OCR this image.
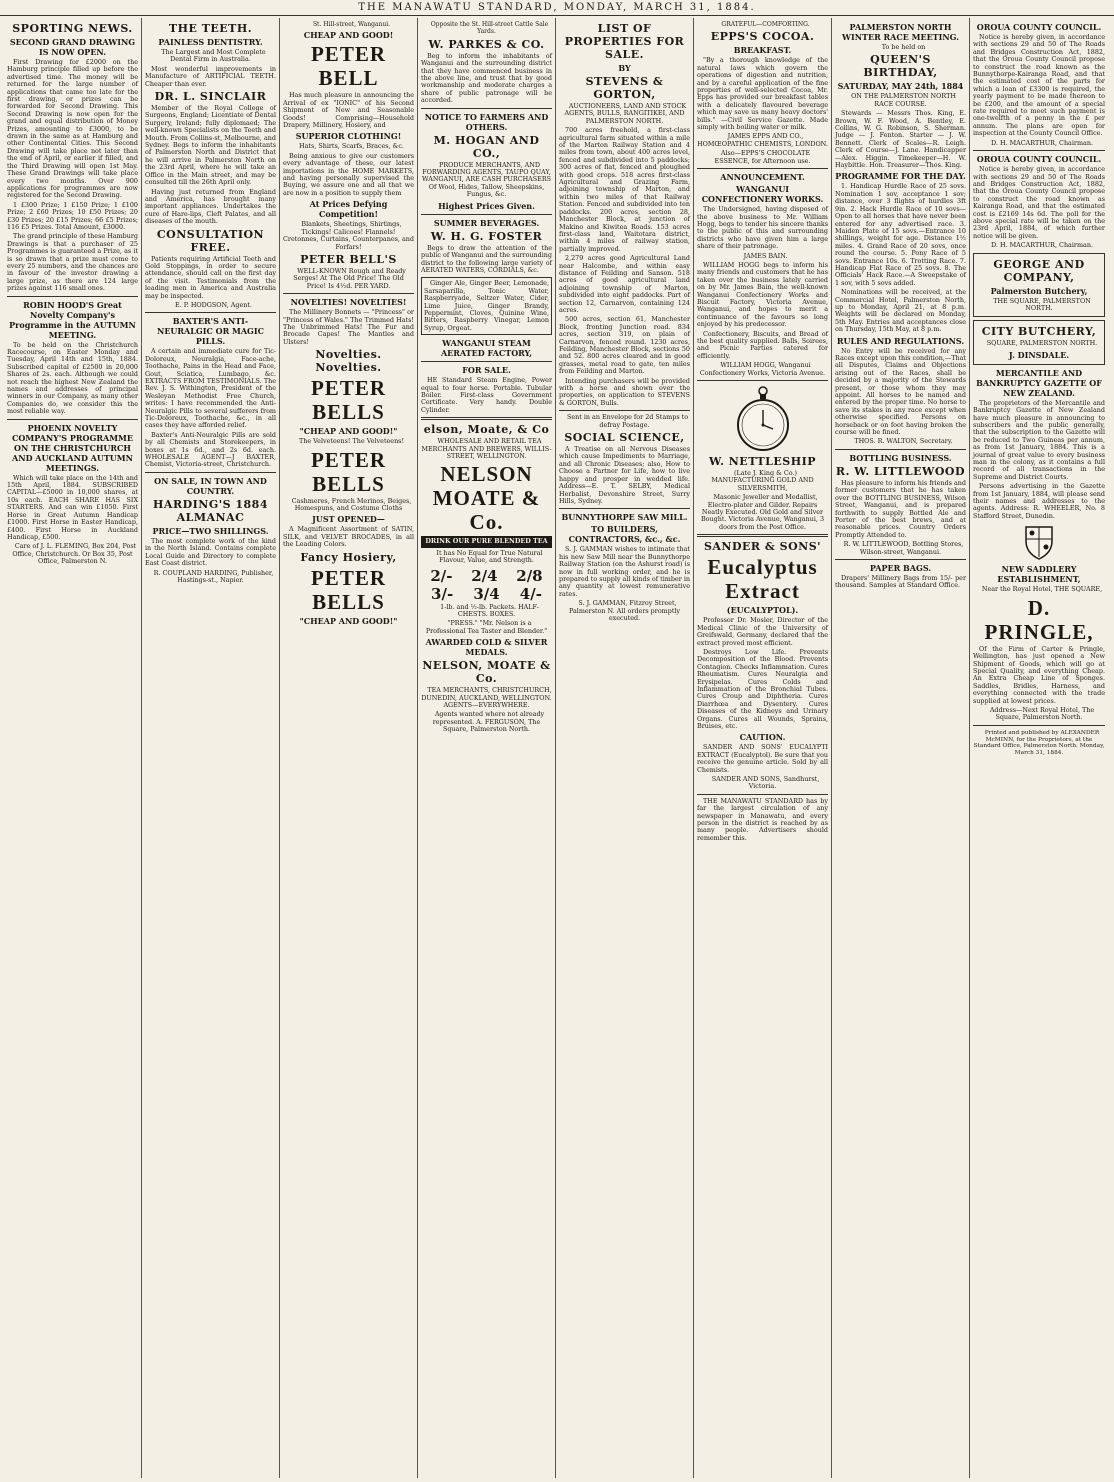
THE MANAWATU STANDARD, MONDAY, MARCH 31, 1884.
SPORTING NEWS.
SECOND GRAND DRAWING IS NOW OPEN.

First Drawing for £2000 on the Hamburg principle filled up before the advertised time. The money will be returned for the large number of applications that came too late for the first drawing, or prizes can be forwarded for Second Drawing. This Second Drawing is now open for the grand and equal distribution of Money Prizes, amounting to £3000, to be drawn in the same as at Hamburg and other Continental Cities. This Second Drawing will take place not later than the end of April, or earlier if filled, and the Third Drawing will open 1st May. These Grand Drawings will take place every two months. Over 900 applications for programmes are now registered for the Second Drawing.

1 £300 Prize; 1 £150 Prize; 1 £100 Prize; 2 £60 Prizes; 10 £50 Prizes; 20 £30 Prizes; 20 £15 Prizes; 66 £5 Prizes; 116 £5 Prizes. Total Amount, £3000.

The grand principle of these Hamburg Drawings is that a purchaser of 25 Programmes is guaranteed a Prize, as it is so drawn that a prize must come to every 25 numbers, and the chances are in favour of the investor drawing a large prize, as there are 124 large prizes against 116 small ones.

ROBIN HOOD'S Great Novelty Company's Programme in the AUTUMN MEETING.

To be held on the Christchurch Racecourse, on Easter Monday and Tuesday, April 14th and 15th, 1884. Subscribed capital of £2500 in 20,000 Shares of 2s. each. Although we could not reach the highest New Zealand the names and addresses of principal winners in our Company, as many other Companies do, we consider this the most reliable way.

PHOENIX NOVELTY COMPANY'S PROGRAMME ON THE CHRISTCHURCH AND AUCKLAND AUTUMN MEETINGS.

Which will take place on the 14th and 15th April, 1884. SUBSCRIBED CAPITAL—£5000 in 10,000 shares, at 10s each. EACH SHARE HAS SIX STARTERS. And can win £1050. First Horse in Great Autumn Handicap £1000. First Horse in Easter Handicap, £400. First Horse in Auckland Handicap, £500.

Care of J. L. FLEMING, Box 204, Post Office, Christchurch. Or Box 35, Post Office, Palmerston N.

THE TEETH.
PAINLESS DENTISTRY.

The Largest and Most Complete Dental Firm in Australia.

Most wonderful improvements in Manufacture of ARTIFICIAL TEETH. Cheaper than ever.

DR. L. SINCLAIR

Member of the Royal College of Surgeons, England; Licentiate of Dental Surgery, Ireland; fully diplomaed; The well-known Specialists on the Teeth and Mouth. From Collins-st, Melbourne, and Sydney. Begs to inform the inhabitants of Palmerston North and District that he will arrive in Palmerston North on the 23rd April, where he will take an Office in the Main street, and may be consulted till the 26th April only.

Having just returned from England and America, has brought many important appliances. Undertakes the cure of Hare-lips, Cleft Palates, and all diseases of the mouth.

CONSULTATION FREE.

Patients requiring Artificial Teeth and Gold Stoppings, in order to secure attendance, should call on the first day of the visit. Testimonials from the leading men in America and Australia may be inspected.

E. P. HODGSON, Agent.

BAXTER'S ANTI-NEURALGIC OR MAGIC PILLS.

A certain and immediate cure for Tic-Doloreux, Neuralgia, Face-ache, Toothache, Pains in the Head and Face, Gout, Sciatica, Lumbago, &c. EXTRACTS FROM TESTIMONIALS. The Rev. J. S. Withington, President of the Wesleyan Methodist Free Church, writes: I have recommended the Anti-Neuralgic Pills to several sufferers from Tic-Doloreux, Toothache, &c., in all cases they have afforded relief.

Baxter's Anti-Neuralgic Pills are sold by all Chemists and Storekeepers, in boxes at 1s 6d., and 2s 6d. each. WHOLESALE AGENT—J BAXTER, Chemist, Victoria-street, Christchurch.

ON SALE, IN TOWN AND COUNTRY.
HARDING'S 1884 ALMANAC
PRICE—TWO SHILLINGS.

The most complete work of the kind in the North Island. Contains complete Local Guide and Directory to complete East Coast district.

R. COUPLAND HARDING, Publisher, Hastings-st., Napier.

St. Hill-street, Wanganui.

CHEAP AND GOOD!
PETER BELL

Has much pleasure in announcing the Arrival of ex "IONIC" of his Second Shipment of New and Seasonable Goods! Comprising—Household Drapery, Millinery, Hosiery, and

SUPERIOR CLOTHING!

Hats, Shirts, Scarfs, Braces, &c.

Being anxious to give our customers every advantage of these, our latest importations in the HOME MARKETS, and having personally supervised the Buying, we assure one and all that we are now in a position to supply them

At Prices Defying Competition!

Blankets, Sheetings, Shirtings, Tickings! Calicoes! Flannels! Cretonnes, Curtains, Counterpanes, and Forfars!

PETER BELL'S

WELL-KNOWN Rough and Ready Serges! At The Old Price! The Old Price! Is 4½d. PER YARD.

NOVELTIES! NOVELTIES!

The Millinery Bonnets — "Princess" or "Princess of Wales." The Trimmed Hats! The Unbrimmed Hats! The Fur and Brocade Capes! The Mantles and Ulsters!

Novelties. Novelties.
PETER BELLS
"CHEAP AND GOOD!"

The Velveteens! The Velveteens!

PETER BELLS

Cashmeres, French Merinos, Beiges, Homespuns, and Costume Cloths

JUST OPENED—

A Magnificent Assortment of SATIN, SILK, and VELVET BROCADES, in all the Leading Colors.

Fancy Hosiery,
PETER BELLS
"CHEAP AND GOOD!"

Opposite the St. Hill-street Cattle Sale Yards.

W. PARKES & CO.

Beg to inform the inhabitants of Wanganui and the surrounding district that they have commenced business in the above line, and trust that by good workmanship and moderate charges a share of public patronage will be accorded.

NOTICE TO FARMERS AND OTHERS.
M. HOGAN AND CO.,

PRODUCE MERCHANTS, AND FORWARDING AGENTS, TAUPO QUAY, WANGANUI, ARE CASH PURCHASERS Of Wool, Hides, Tallow, Sheepskins, Fungus, &c.

Highest Prices Given.
SUMMER BEVERAGES.
W. H. G. FOSTER

Begs to draw the attention of the public of Wanganui and the surrounding district to the following large variety of AERATED WATERS, CORDIALS, &c.

Ginger Ale, Ginger Beer, Lemonade, Sarsaparilla, Tonic Water, Raspberryade, Seltzer Water, Cider, Lime Juice, Ginger Brandy, Peppermint, Cloves, Quinine Wine, Bitters, Raspberry Vinegar, Lemon Syrup, Orgeat.

WANGANUI STEAM AERATED FACTORY,
FOR SALE.

HE Standard Steam Engine, Power equal to four horse. Portable. Tubular Boiler. First-class Government Certificate. Very handy. Double Cylinder.

elson, Moate, & Co

WHOLESALE AND RETAIL TEA MERCHANTS AND BREWERS, WILLIS-STREET, WELLINGTON.

NELSON MOATE & Co.
DRINK OUR PURE BLENDED TEA

It has No Equal for True Natural Flavour, Value, and Strength.

2/- 2/4 2/8
3/- 3/4 4/-

1-lb. and ½-lb. Packets. HALF-CHESTS. BOXES.

"PRESS." "Mr. Nelson is a Professional Tea Taster and Blender."

AWARDED COLD & SILVER MEDALS.
NELSON, MOATE & Co.

TEA MERCHANTS, CHRISTCHURCH, DUNEDIN, AUCKLAND, WELLINGTON. AGENTS—EVERYWHERE.

Agents wanted where not already represented. A. FERGUSON, The Square, Palmerston North.

LIST OF PROPERTIES FOR SALE.
BY
STEVENS & GORTON,

AUCTIONEERS, LAND AND STOCK AGENTS, BULLS, RANGITIKEI, AND PALMERSTON NORTH.

700 acres freehold, a first-class agricultural farm situated within a mile of the Marton Railway Station and 4 miles from town, about 400 acres level, fenced and subdivided into 5 paddocks; 300 acres of flat, fenced and ploughed with good crops. 518 acres first-class Agricultural and Grazing Farm, adjoining township of Marton, and within two miles of that Railway Station. Fenced and subdivided into ten paddocks. 200 acres, section 28, Manchester Block, at junction of Makino and Kiwitea Roads. 153 acres first-class land, Waitotara district, within 4 miles of railway station, partially improved.

2,279 acres good Agricultural Land near Halcombe, and within easy distance of Feilding and Sanson. 518 acres of good agricultural land adjoining township of Marton, subdivided into eight paddocks. Part of section 12, Carnarvon, containing 124 acres.

500 acres, section 61, Manchester Block, fronting Junction road. 834 acres, section 319, on plain of Carnarvon, fenced round. 1230 acres, Feilding, Manchester Block, sections 50 and 52. 800 acres cleared and in good grasses, metal road to gate, ten miles from Feilding and Marton.

Intending purchasers will be provided with a horse and shown over the properties, on application to STEVENS & GORTON, Bulls.

Sent in an Envelope for 2d Stamps to defray Postage.

SOCIAL SCIENCE,

A Treatise on all Nervous Diseases which cause Impediments to Marriage, and all Chronic Diseases; also, How to Choose a Partner for Life, how to live happy and prosper in wedded life. Address—E. T. SELBY, Medical Herbalist, Devonshire Street, Surry Hills, Sydney.

BUNNYTHORPE SAW MILL.
TO BUILDERS, CONTRACTORS, &c., &c.

S. J. GAMMAN wishes to intimate that his new Saw Mill near the Bunnythorpe Railway Station (on the Ashurst road) is now in full working order, and he is prepared to supply all kinds of timber in any quantity at lowest remunerative rates.

S. J. GAMMAN, Fitzroy Street, Palmerston N. All orders promptly executed.

GRATEFUL—COMFORTING.

EPPS'S COCOA.
BREAKFAST.

"By a thorough knowledge of the natural laws which govern the operations of digestion and nutrition, and by a careful application of the fine properties of well-selected Cocoa, Mr. Epps has provided our breakfast tables with a delicately flavoured beverage which may save us many heavy doctors' bills." —Civil Service Gazette. Made simply with boiling water or milk.

JAMES EPPS AND CO., HOMŒOPATHIC CHEMISTS, LONDON.

Also—EPPS'S CHOCOLATE ESSENCE, for Afternoon use.

ANNOUNCEMENT.
WANGANUI CONFECTIONERY WORKS.

The Undersigned, having disposed of the above business to Mr. William Hogg, begs to tender his sincere thanks to the public of this and surrounding districts who have given him a large share of their patronage.

JAMES BAIN.

WILLIAM HOGG begs to inform his many friends and customers that he has taken over the business lately carried on by Mr. James Bain, the well-known Wanganui Confectionery Works and Biscuit Factory, Victoria Avenue, Wanganui, and hopes to merit a continuance of the favours so long enjoyed by his predecessor.

Confectionery, Biscuits, and Bread of the best quality supplied. Balls, Soirees, and Picnic Parties catered for efficiently.

WILLIAM HOGG, Wanganui Confectionery Works, Victoria Avenue.

W. NETTLESHIP

(Late J. King & Co.) MANUFACTURING GOLD AND SILVERSMITH,

Masonic Jeweller and Medallist, Electro-plater and Gilder. Repairs Neatly Executed. Old Gold and Silver Bought. Victoria Avenue, Wanganui, 3 doors from the Post Office.

SANDER & SONS'
Eucalyptus Extract
(EUCALYPTOL).

Professor Dr. Mosler, Director of the Medical Clinic of the University of Greifswald, Germany, declared that the extract proved most efficient.

Destroys Low Life. Prevents Decomposition of the Blood. Prevents Contagion. Checks Inflammation. Cures Rheumatism. Cures Neuralgia and Erysipelas. Cures Colds and Inflammation of the Bronchial Tubes. Cures Croup and Diphtheria. Cures Diarrhœa and Dysentery. Cures Diseases of the Kidneys and Urinary Organs. Cures all Wounds, Sprains, Bruises, etc.

CAUTION.

SANDER AND SONS' EUCALYPTI EXTRACT (Eucalyptol). Be sure that you receive the genuine article. Sold by all Chemists.

SANDER AND SONS, Sandhurst, Victoria.

THE MANAWATU STANDARD has by far the largest circulation of any newspaper in Manawatu, and every person in the district is reached by as many people. Advertisers should remember this.

PALMERSTON NORTH WINTER RACE MEETING.

To be held on

QUEEN'S BIRTHDAY,
SATURDAY, MAY 24th, 1884

ON THE PALMERSTON NORTH RACE COURSE.

Stewards — Messrs Thos. King, E. Brown, W. F. Wood, A. Bentley, E. Collins, W. G. Robinson, S. Sherman. Judge — J. Fenton. Starter — J. W. Bennett. Clerk of Scales—R. Leigh. Clerk of Course—J. Lane. Handicapper—Alex. Higgin. Timekeeper—H. W. Haybittle. Hon. Treasurer—Thos. King.

PROGRAMME FOR THE DAY.

1. Handicap Hurdle Race of 25 sovs. Nomination 1 sov, acceptance 1 sov; distance, over 3 flights of hurdles 3ft 9in. 2. Hack Hurdle Race of 10 sovs—Open to all horses that have never been entered for any advertised race. 3. Maiden Plate of 15 sovs.—Entrance 10 shillings, weight for age. Distance 1½ miles. 4. Grand Race of 20 sovs, once round the course. 5. Pony Race of 5 sovs. Entrance 10s. 6. Trotting Race. 7. Handicap Flat Race of 25 sovs. 8. The Officials' Hack Race.—A Sweepstake of 1 sov, with 5 sovs added.

Nominations will be received, at the Commercial Hotel, Palmerston North, up to Monday, April 21, at 8 p.m. Weights will be declared on Monday, 5th May. Entries and acceptances close on Thursday, 15th May, at 8 p.m.

RULES AND REGULATIONS.

No Entry will be received for any Races except upon this condition,—That all Disputes, Claims and Objections arising out of the Races, shall be decided by a majority of the Stewards present, or those whom they may appoint. All horses to be named and entered by the proper time. No horse to save its stakes in any race except when otherwise specified. Persons on horseback or on foot having broken the course will be fined.

THOS. R. WALTON, Secretary.

BOTTLING BUSINESS.
R. W. LITTLEWOOD

Has pleasure to inform his friends and former customers that he has taken over the BOTTLING BUSINESS, Wilson Street, Wanganui, and is prepared forthwith to supply Bottled Ale and Porter of the best brews, and at reasonable prices. Country Orders Promptly Attended to.

R. W. LITTLEWOOD, Bottling Stores, Wilson-street, Wanganui.

PAPER BAGS.

Drapers' Millinery Bags from 15/- per thousand. Samples at Standard Office.

OROUA COUNTY COUNCIL.

Notice is hereby given, in accordance with sections 29 and 50 of The Roads and Bridges Construction Act, 1882, that the Oroua County Council propose to construct the road known as the Bunnythorpe-Kairanga Road, and that the estimated cost of the parts for which a loan of £3300 is required, the yearly payment to be made thereon to be £200, and the amount of a special rate required to meet such payment is one-twelfth of a penny in the £ per annum. The plans are open for inspection at the County Council Office.

D. H. MACARTHUR, Chairman.

OROUA COUNTY COUNCIL.

Notice is hereby given, in accordance with sections 29 and 50 of The Roads and Bridges Construction Act, 1882, that the Oroua County Council propose to construct the road known as Kairanga Road, and that the estimated cost is £2169 14s 6d. The poll for the above special rate will be taken on the 23rd April, 1884, of which further notice will be given.

D. H. MACARTHUR, Chairman.

GEORGE AND COMPANY,
Palmerston Butchery,

THE SQUARE, PALMERSTON NORTH.

CITY BUTCHERY,

SQUARE, PALMERSTON NORTH.

J. DINSDALE.
MERCANTILE AND BANKRUPTCY GAZETTE OF NEW ZEALAND.

The proprietors of the Mercantile and Bankruptcy Gazette of New Zealand have much pleasure in announcing to subscribers and the public generally, that the subscription to the Gazette will be reduced to Two Guineas per annum, as from 1st January, 1884. This is a journal of great value to every business man in the colony, as it contains a full record of all transactions in the Supreme and District Courts.

Persons advertising in the Gazette from 1st January, 1884, will please send their names and addresses to the agents. Address: R. WHEELER, No. 8 Stafford Street, Dunedin.

NEW SADDLERY ESTABLISHMENT,

Near the Royal Hotel, THE SQUARE,

D. PRINGLE,

Of the Firm of Carter & Pringle, Wellington, has just opened a New Shipment of Goods, which will go at Special Quality, and everything Cheap. An Extra Cheap Line of Sponges. Saddles, Bridles, Harness, and everything connected with the trade supplied at lowest prices.

Address—Next Royal Hotel, The Square, Palmerston North.

Printed and published by ALEXANDER McMINN, for the Proprietors, at the Standard Office, Palmerston North. Monday, March 31, 1884.
